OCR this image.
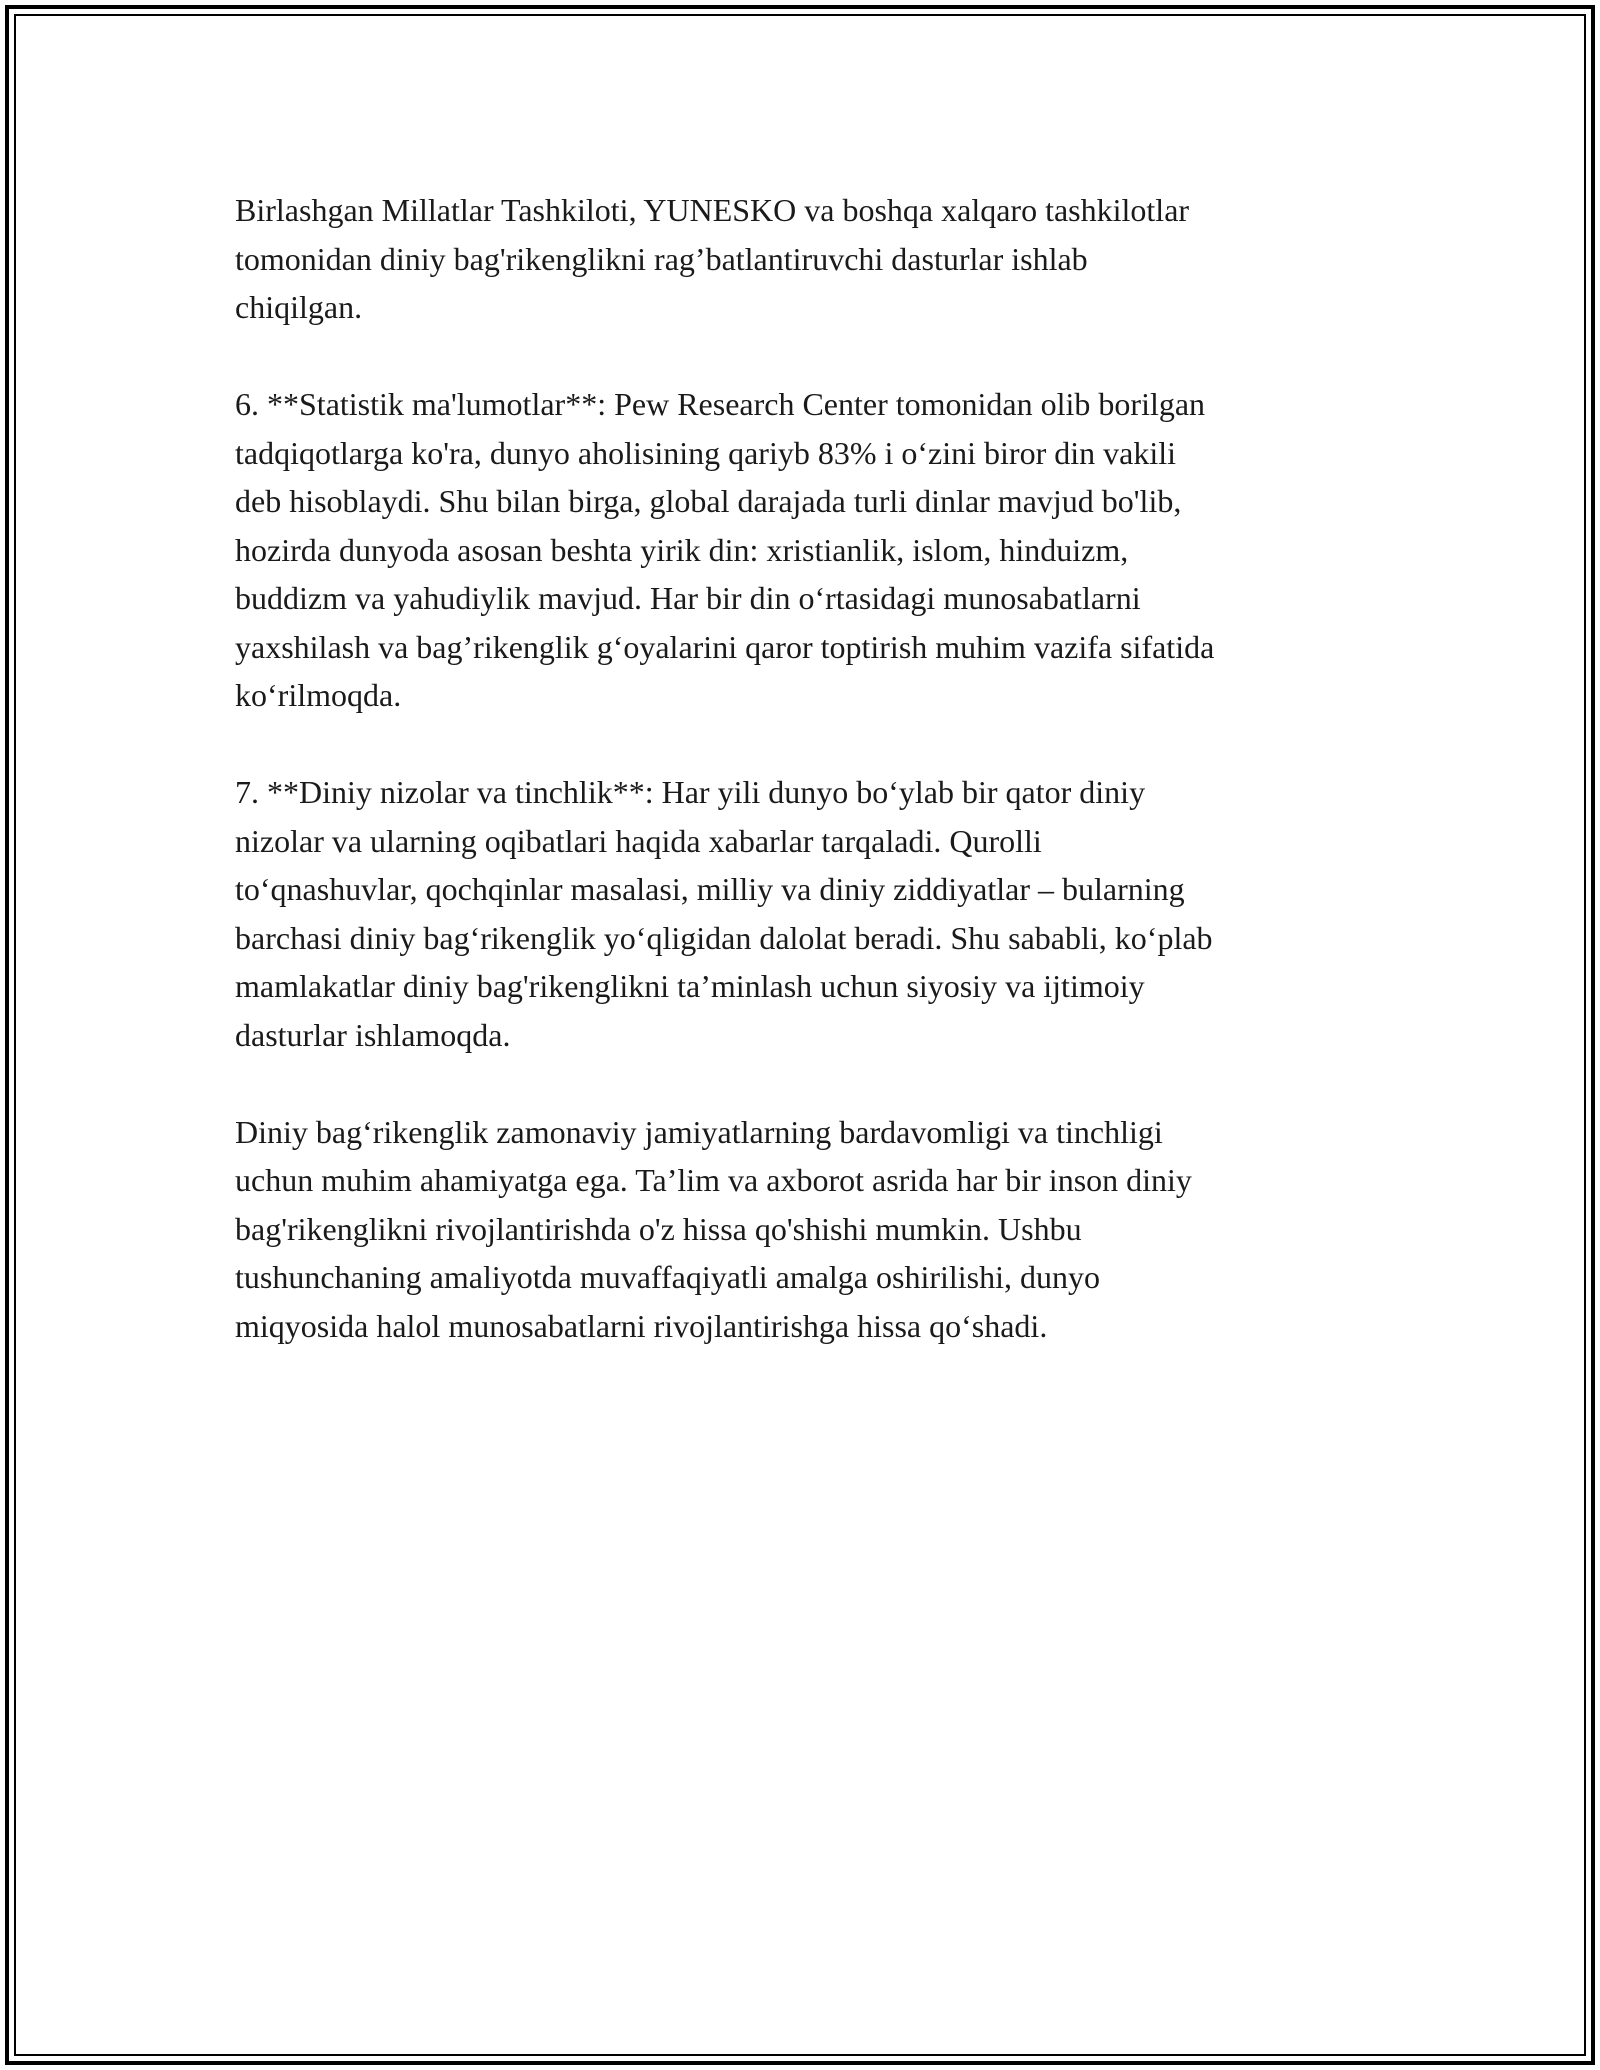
Birlashgan Millatlar Tashkiloti, YUNESKO va boshqa xalqaro tashkilotlar
tomonidan diniy bag'rikenglikni rag’batlantiruvchi dasturlar ishlab
chiqilgan.

6. **Statistik ma'lumotlar**: Pew Research Center tomonidan olib borilgan
tadqiqotlarga ko'ra, dunyo aholisining qariyb 83% i o‘zini biror din vakili
deb hisoblaydi. Shu bilan birga, global darajada turli dinlar mavjud bo'lib,
hozirda dunyoda asosan beshta yirik din: xristianlik, islom, hinduizm,
buddizm va yahudiylik mavjud. Har bir din o‘rtasidagi munosabatlarni
yaxshilash va bag’rikenglik g‘oyalarini qaror toptirish muhim vazifa sifatida
ko‘rilmoqda.

7. **Diniy nizolar va tinchlik**: Har yili dunyo bo‘ylab bir qator diniy
nizolar va ularning oqibatlari haqida xabarlar tarqaladi. Qurolli
to‘qnashuvlar, qochqinlar masalasi, milliy va diniy ziddiyatlar – bularning
barchasi diniy bag‘rikenglik yo‘qligidan dalolat beradi. Shu sababli, ko‘plab
mamlakatlar diniy bag'rikenglikni ta’minlash uchun siyosiy va ijtimoiy
dasturlar ishlamoqda.

Diniy bag‘rikenglik zamonaviy jamiyatlarning bardavomligi va tinchligi
uchun muhim ahamiyatga ega. Ta’lim va axborot asrida har bir inson diniy
bag'rikenglikni rivojlantirishda o'z hissa qo'shishi mumkin. Ushbu
tushunchaning amaliyotda muvaffaqiyatli amalga oshirilishi, dunyo
miqyosida halol munosabatlarni rivojlantirishga hissa qo‘shadi.
